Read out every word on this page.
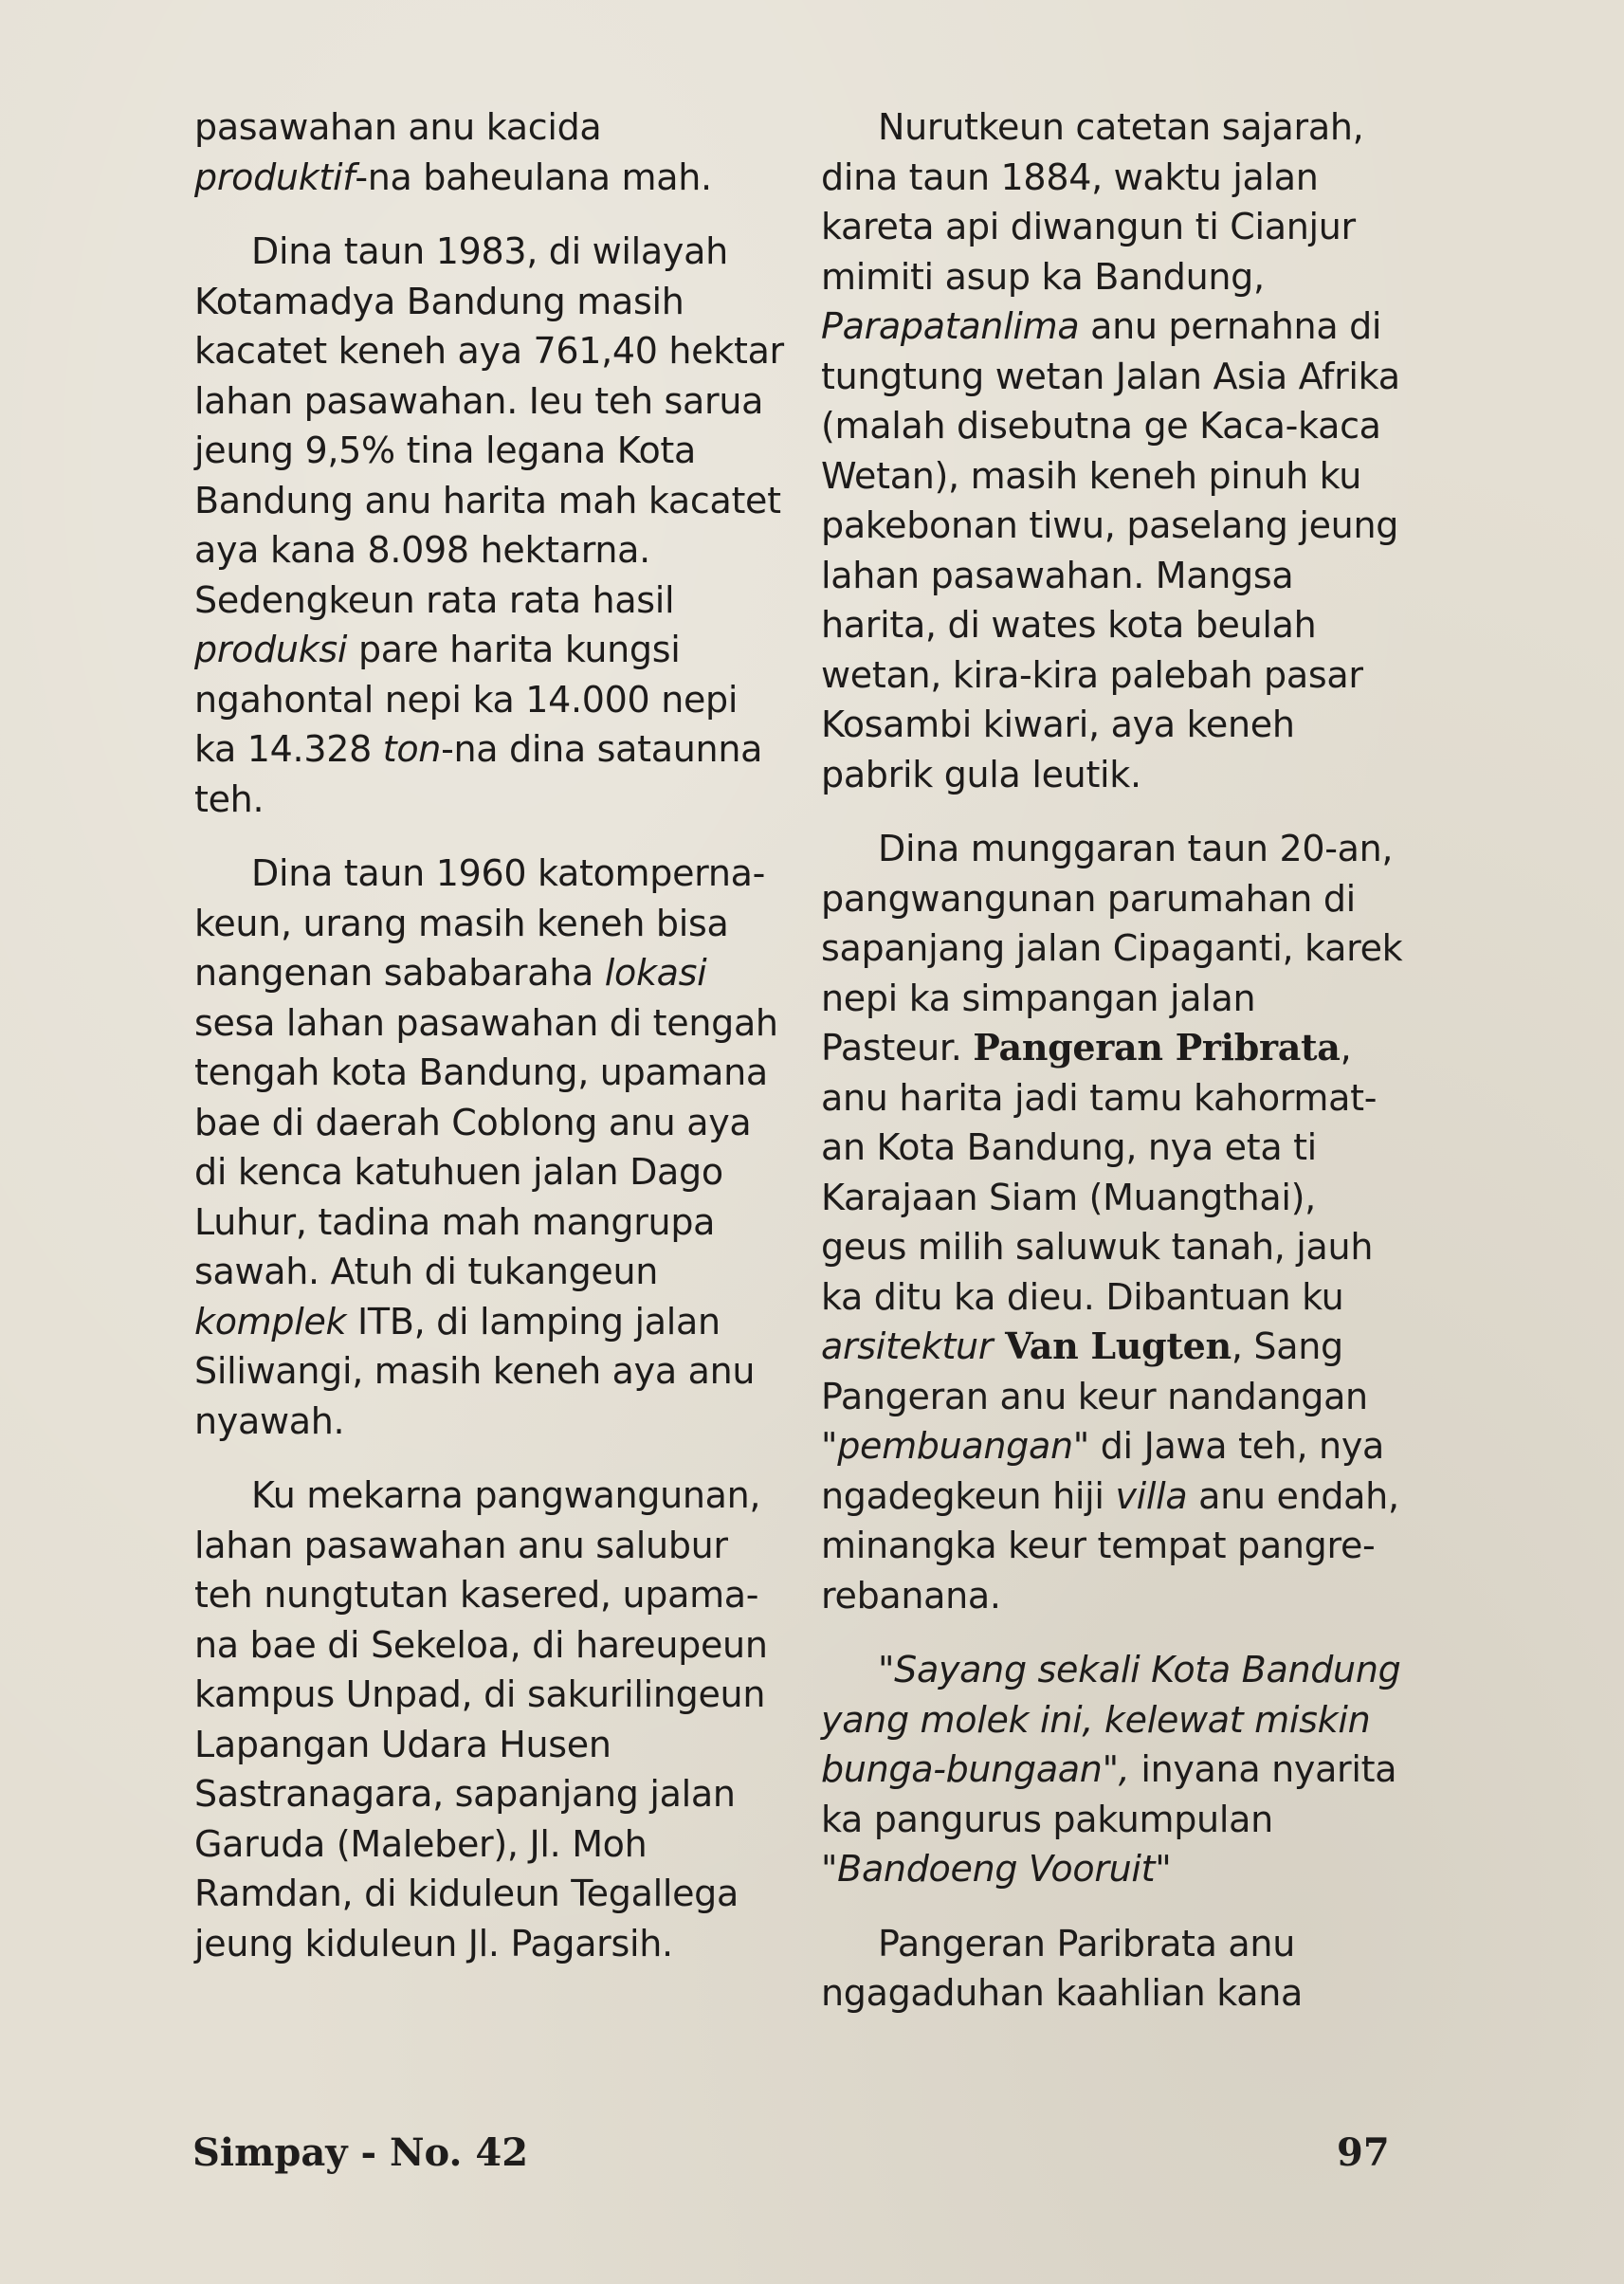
pasawahan anu kacida
produktif-na baheulana mah.
Dina taun 1983, di wilayah
Kotamadya Bandung masih
kacatet keneh aya 761,40 hektar
lahan pasawahan. Ieu teh sarua
jeung 9,5% tina legana Kota
Bandung anu harita mah kacatet
aya kana 8.098 hektarna.
Sedengkeun rata rata hasil
produksi pare harita kungsi
ngahontal nepi ka 14.000 nepi
ka 14.328 ton-na dina sataunna
teh.
Dina taun 1960 katomperna-
keun, urang masih keneh bisa
nangenan sababaraha lokasi
sesa lahan pasawahan di tengah
tengah kota Bandung, upamana
bae di daerah Coblong anu aya
di kenca katuhuen jalan Dago
Luhur, tadina mah mangrupa
sawah. Atuh di tukangeun
komplek ITB, di lamping jalan
Siliwangi, masih keneh aya anu
nyawah.
Ku mekarna pangwangunan,
lahan pasawahan anu salubur
teh nungtutan kasered, upama-
na bae di Sekeloa, di hareupeun
kampus Unpad, di sakurilingeun
Lapangan Udara Husen
Sastranagara, sapanjang jalan
Garuda (Maleber), Jl. Moh
Ramdan, di kiduleun Tegallega
jeung kiduleun Jl. Pagarsih.
Nurutkeun catetan sajarah,
dina taun 1884, waktu jalan
kareta api diwangun ti Cianjur
mimiti asup ka Bandung,
Parapatanlima anu pernahna di
tungtung wetan Jalan Asia Afrika
(malah disebutna ge Kaca-kaca
Wetan), masih keneh pinuh ku
pakebonan tiwu, paselang jeung
lahan pasawahan. Mangsa
harita, di wates kota beulah
wetan, kira-kira palebah pasar
Kosambi kiwari, aya keneh
pabrik gula leutik.
Dina munggaran taun 20-an,
pangwangunan parumahan di
sapanjang jalan Cipaganti, karek
nepi ka simpangan jalan
Pasteur. Pangeran Pribrata,
anu harita jadi tamu kahormat-
an Kota Bandung, nya eta ti
Karajaan Siam (Muangthai),
geus milih saluwuk tanah, jauh
ka ditu ka dieu. Dibantuan ku
arsitektur Van Lugten, Sang
Pangeran anu keur nandangan
"pembuangan" di Jawa teh, nya
ngadegkeun hiji villa anu endah,
minangka keur tempat pangre-
rebanana.
"Sayang sekali Kota Bandung
yang molek ini, kelewat miskin
bunga-bungaan", inyana nyarita
ka pangurus pakumpulan
"Bandoeng Vooruit"
Pangeran Paribrata anu
ngagaduhan kaahlian kana
Simpay - No. 42	97
